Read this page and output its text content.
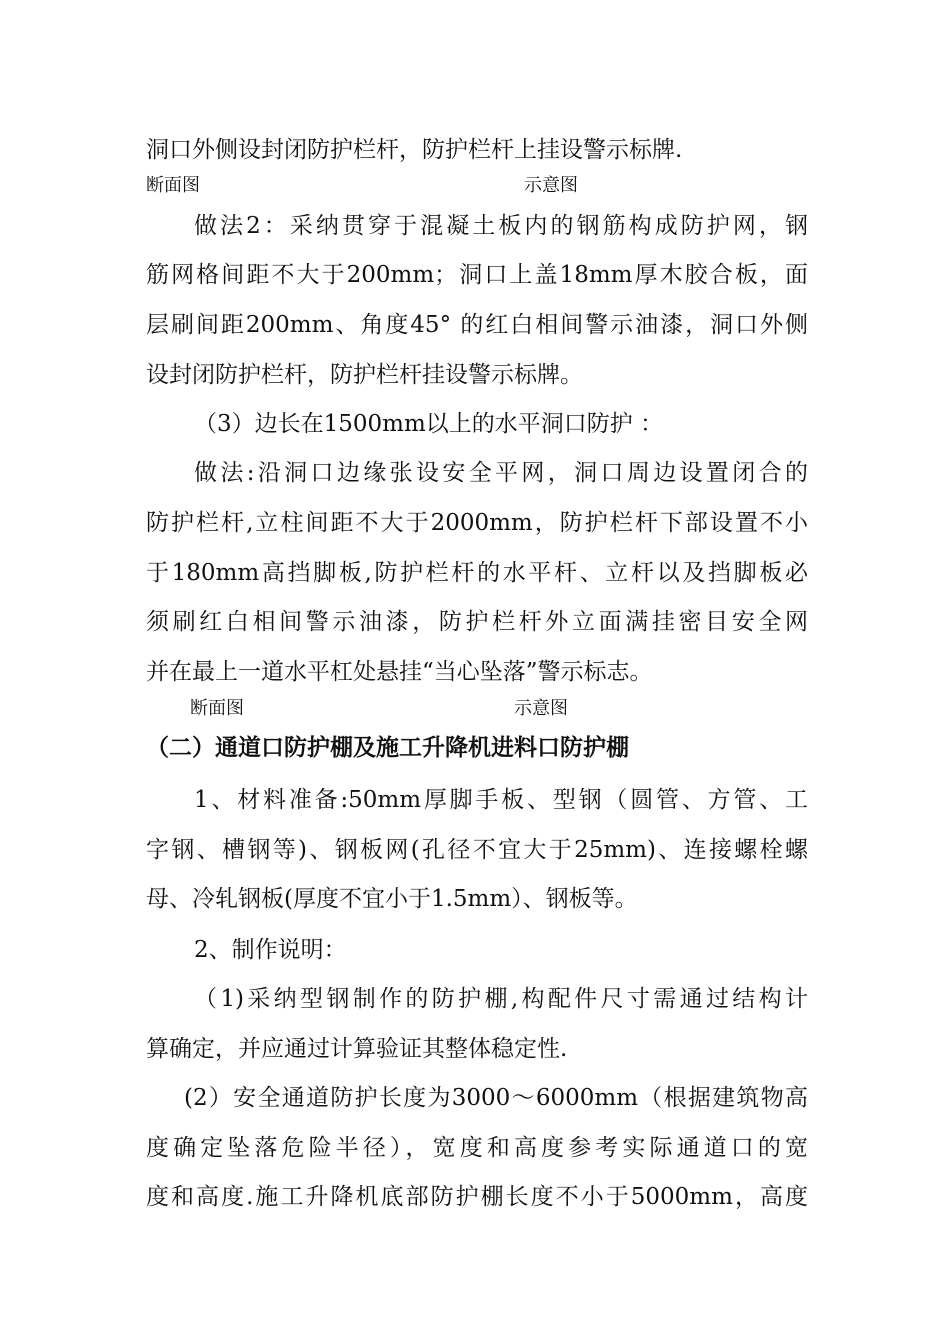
洞口外侧设封闭防护栏杆，防护栏杆上挂设警示标牌.
断面图	示意图
做法2：采纳贯穿于混凝土板内的钢筋构成防护网，钢
筋网格间距不大于200mm；洞口上盖18mm厚木胶合板，面
层刷间距200mm、角度45° 的红白相间警示油漆，洞口外侧
设封闭防护栏杆，防护栏杆挂设警示标牌。
（3）边长在1500mm以上的水平洞口防护 ：
做法:沿洞口边缘张设安全平网，洞口周边设置闭合的
防护栏杆,立柱间距不大于2000mm，防护栏杆下部设置不小
于180mm高挡脚板,防护栏杆的水平杆、立杆以及挡脚板必
须刷红白相间警示油漆，防护栏杆外立面满挂密目安全网
并在最上一道水平杠处悬挂“当心坠落”警示标志。
断面图	示意图
（二）通道口防护棚及施工升降机进料口防护棚
1、材料准备:50mm厚脚手板、型钢（圆管、方管、工
字钢、槽钢等)、钢板网(孔径不宜大于25mm)、连接螺栓螺
母、冷轧钢板(厚度不宜小于1.5mm）、钢板等。
2、制作说明：
（1)采纳型钢制作的防护棚,构配件尺寸需通过结构计
算确定，并应通过计算验证其整体稳定性.
(2）安全通道防护长度为3000～6000mm（根据建筑物高
度确定坠落危险半径），宽度和高度参考实际通道口的宽
度和高度.施工升降机底部防护棚长度不小于5000mm，高度
